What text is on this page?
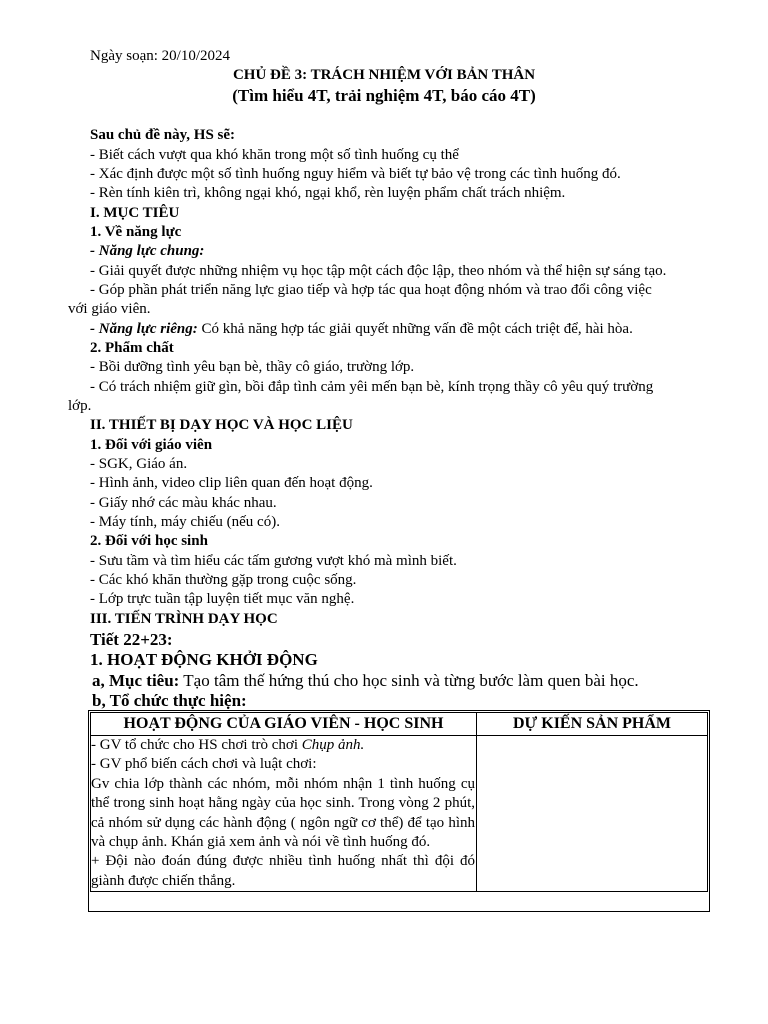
Ngày soạn: 20/10/2024
CHỦ ĐỀ 3: TRÁCH NHIỆM VỚI BẢN THÂN
(Tìm hiểu 4T, trải nghiệm 4T, báo cáo 4T)
Sau chủ đề này, HS sẽ:
- Biết cách vượt qua khó khăn trong một số tình huống cụ thể
- Xác định được một số tình huống nguy hiểm và biết tự bảo vệ trong các tình huống đó.
- Rèn tính kiên trì, không ngại khó, ngại khổ, rèn luyện phẩm chất trách nhiệm.
I. MỤC TIÊU
1. Về năng lực
- Năng lực chung:
- Giải quyết được những nhiệm vụ học tập một cách độc lập, theo nhóm và thể hiện sự sáng tạo.
- Góp phần phát triển năng lực giao tiếp và hợp tác qua hoạt động nhóm và trao đổi công việc
với giáo viên.
- Năng lực riêng: Có khả năng hợp tác giải quyết những vấn đề một cách triệt để, hài hòa.
2. Phẩm chất
- Bồi dưỡng tình yêu bạn bè, thầy cô giáo, trường lớp.
- Có trách nhiệm giữ gìn, bồi đắp tình cảm yêi mến bạn bè, kính trọng thầy cô yêu quý trường
lớp.
II. THIẾT BỊ DẠY HỌC VÀ HỌC LIỆU
1. Đối với giáo viên
- SGK, Giáo án.
- Hình ảnh, video clip liên quan đến hoạt động.
- Giấy nhớ các màu khác nhau.
- Máy tính, máy chiếu (nếu có).
2. Đối với học sinh
- Sưu tầm và tìm hiểu các tấm gương vượt khó mà mình biết.
- Các khó khăn thường gặp trong cuộc sống.
- Lớp trực tuần tập luyện tiết mục văn nghệ.
III. TIẾN TRÌNH DẠY HỌC
Tiết 22+23:
1. HOẠT ĐỘNG KHỞI ĐỘNG
a, Mục tiêu: Tạo tâm thế hứng thú cho học sinh và từng bước làm quen bài học.
b, Tổ chức thực hiện:
HOẠT ĐỘNG CỦA GIÁO VIÊN - HỌC SINH	DỰ KIẾN SẢN PHẨM

- GV tổ chức cho HS chơi trò chơi Chụp ảnh.
- GV phổ biến cách chơi và luật chơi:
Gv chia lớp thành các nhóm, mỗi nhóm nhận 1 tình huống cụ thể trong sinh hoạt hằng ngày của học sinh. Trong vòng 2 phút, cả nhóm sử dụng các hành động ( ngôn ngữ cơ thể) để tạo hình và chụp ảnh. Khán giả xem ảnh và nói về tình huống đó.
+ Đội nào đoán đúng được nhiều tình huống nhất thì đội đó giành được chiến thắng.	
